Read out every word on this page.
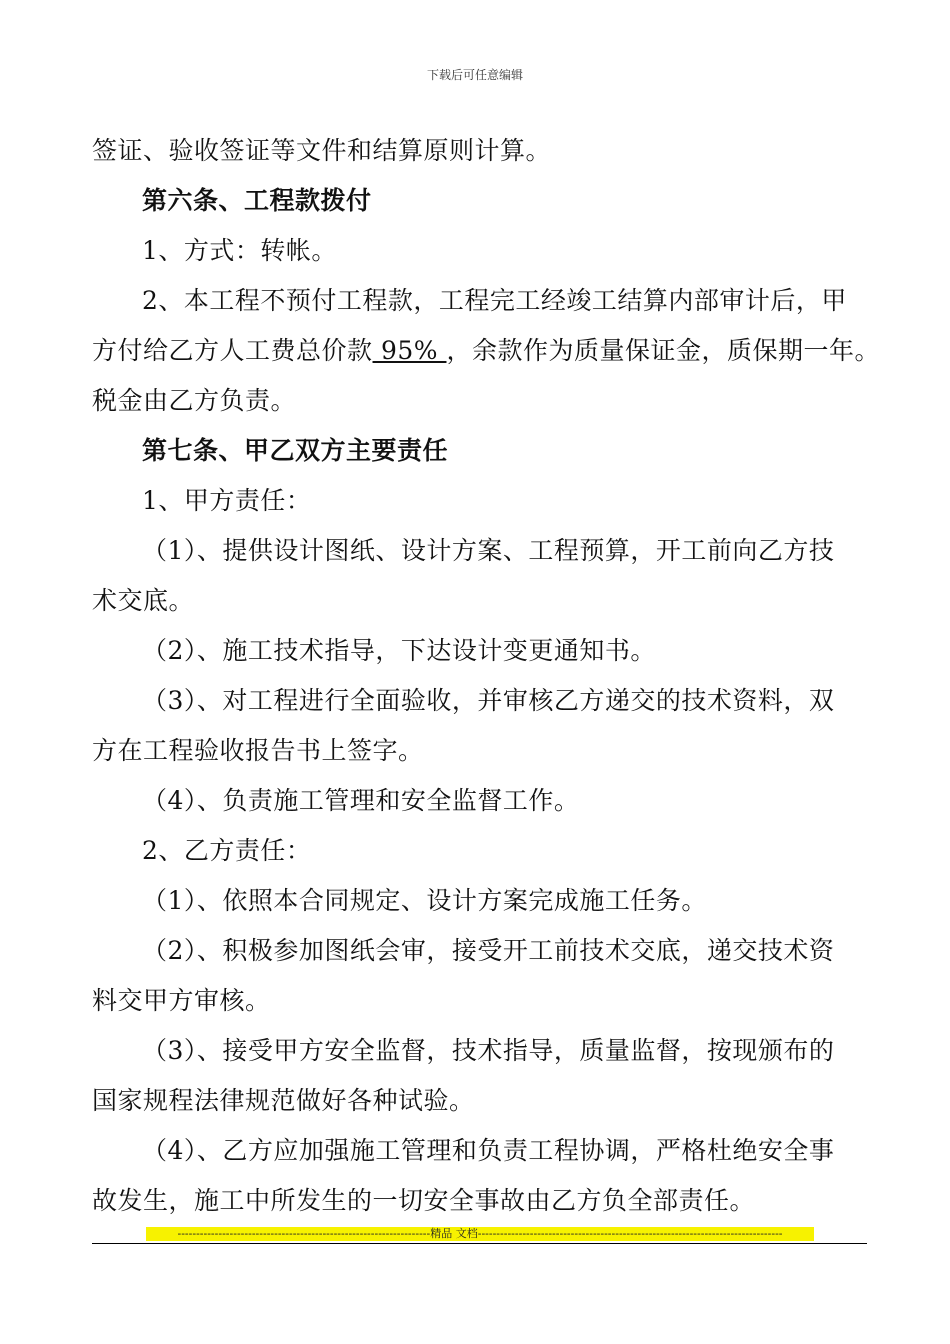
下载后可任意编辑
签证、验收签证等文件和结算原则计算。
第六条、工程款拨付
1、方式：转帐。
2、本工程不预付工程款，工程完工经竣工结算内部审计后，甲
方付给乙方人工费总价款 95% ，余款作为质量保证金，质保期一年。
税金由乙方负责。
第七条、甲乙双方主要责任
1、甲方责任：
（1）、提供设计图纸、设计方案、工程预算，开工前向乙方技
术交底。
（2）、施工技术指导，下达设计变更通知书。
（3）、对工程进行全面验收，并审核乙方递交的技术资料，双
方在工程验收报告书上签字。
（4）、负责施工管理和安全监督工作。
2、乙方责任：
（1）、依照本合同规定、设计方案完成施工任务。
（2）、积极参加图纸会审，接受开工前技术交底，递交技术资
料交甲方审核。
（3）、接受甲方安全监督，技术指导，质量监督，按现颁布的
国家规程法律规范做好各种试验。
（4）、乙方应加强施工管理和负责工程协调，严格杜绝安全事
故发生，施工中所发生的一切安全事故由乙方负全部责任。
--------------------------------------------------------------------精品 文档----------------------------------------------------------------------------------
